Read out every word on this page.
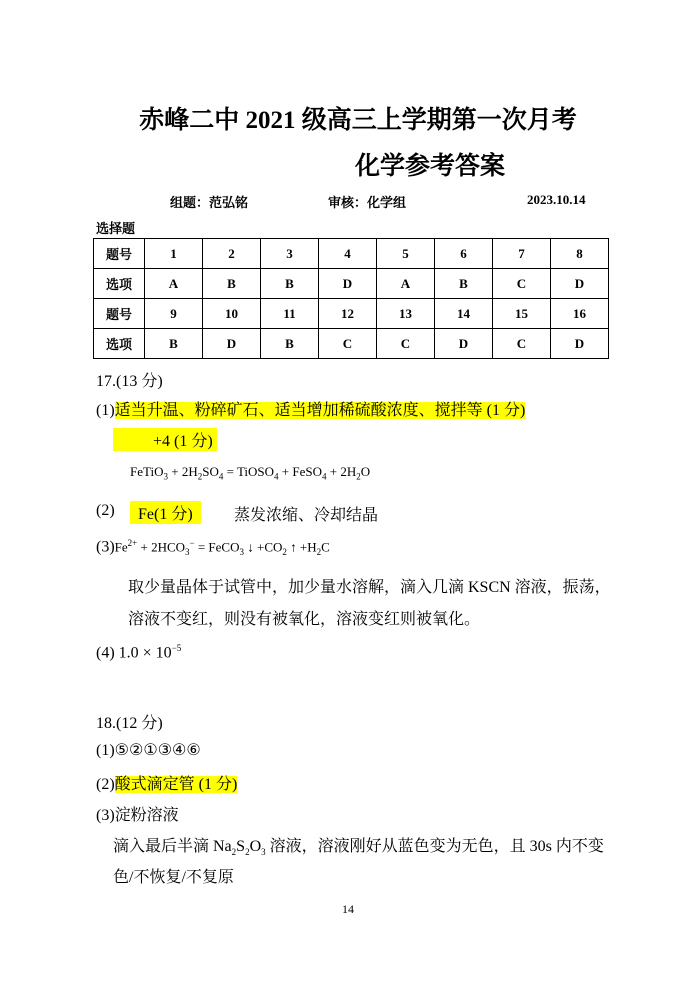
赤峰二中 2021 级高三上学期第一次月考
化学参考答案
组题：范弘铭	审核：化学组	2023.10.14
选择题
题号	1	2	3	4	5	6	7	8
选项	A	B	B	D	A	B	C	D
题号	9	10	11	12	13	14	15	16
选项	B	D	B	C	C	D	C	D
17.(13 分)
(1)适当升温、粉碎矿石、适当增加稀硫酸浓度、搅拌等 (1 分)
+4 (1 分)
FeTiO$_3$ + $2H_2SO_4$ = TiOSO$_4$ + FeSO$_4$ + $2H_2O$
(2)	Fe(1 分)	蒸发浓缩、冷却结晶
$(3)Fe^{2+} + 2HCO_3^-$ = FeCO$_3$ ↓ $+CO_2$ ↑ $+H_2C$
取少量晶体于试管中，加少量水溶解，滴入几滴 KSCN 溶液，振荡，
溶液不变红，则没有被氧化，溶液变红则被氧化。
(4) $1.0 \times 10^{-5}$
18.(12 分)
(1)⑤②①③④⑥
(2)酸式滴定管 (1 分)
(3)淀粉溶液
滴入最后半滴 $Na_2S_2O_3$ 溶液，溶液刚好从蓝色变为无色，且 30s 内不变
色/不恢复/不复原
14
